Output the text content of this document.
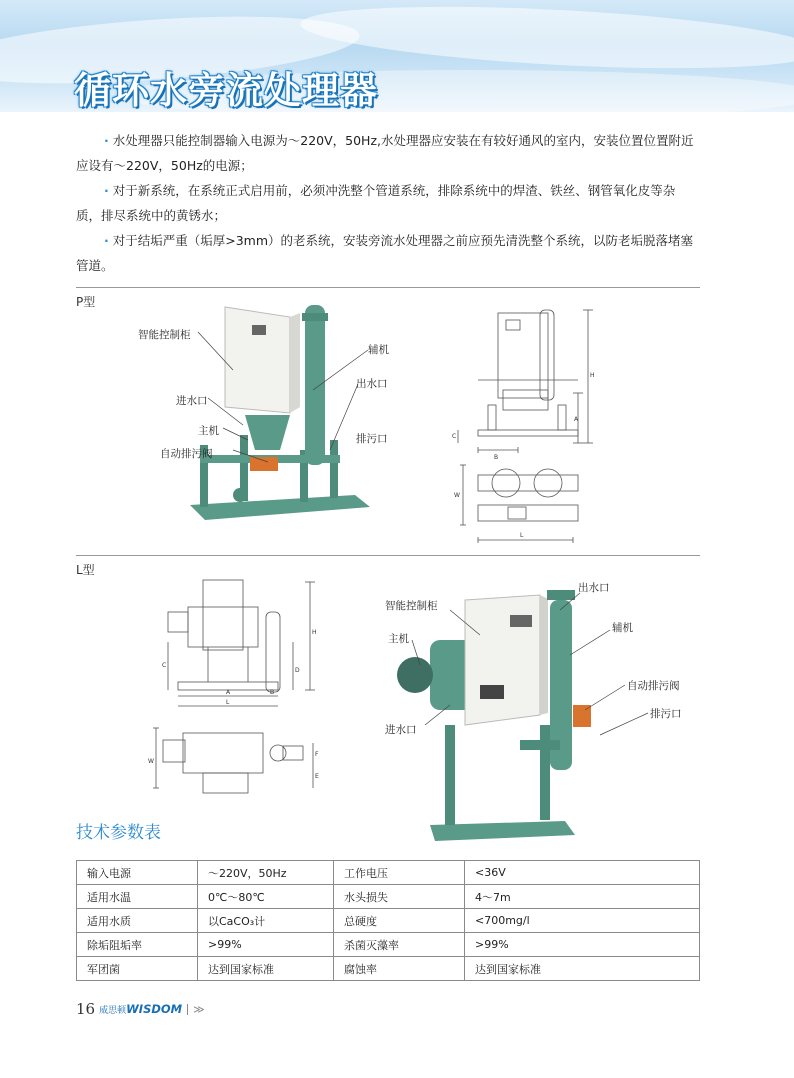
循环水旁流处理器

· 水处理器只能控制器输入电源为～220V，50Hz,水处理器应安装在有较好通风的室内，安装位置位置附近应设有～220V，50Hz的电源；

· 对于新系统，在系统正式启用前，必须冲洗整个管道系统，排除系统中的焊渣、铁丝、钢管氧化皮等杂质，排尽系统中的黄锈水；

· 对于结垢严重（垢厚>3mm）的老系统，安装旁流水处理器之前应预先清洗整个系统，以防老垢脱落堵塞管道。

P型
智能控制柜
辅机
出水口
进水口
主机
排污口
自动排污阀
H
A
C
B
W
L
L型
H
C
D
A	B
L
W
F
E
出水口
智能控制柜
辅机
主机
自动排污阀
排污口
进水口
技术参数表
输入电源	～220V，50Hz	工作电压	<36V
适用水温	0℃～80℃	水头损失	4～7m
适用水质	以CaCO₃计	总硬度	<700mg/l
除垢阻垢率	>99%	杀菌灭藻率	>99%
军团菌	达到国家标准	腐蚀率	达到国家标准
16 威思顿 WISDOM ≫
